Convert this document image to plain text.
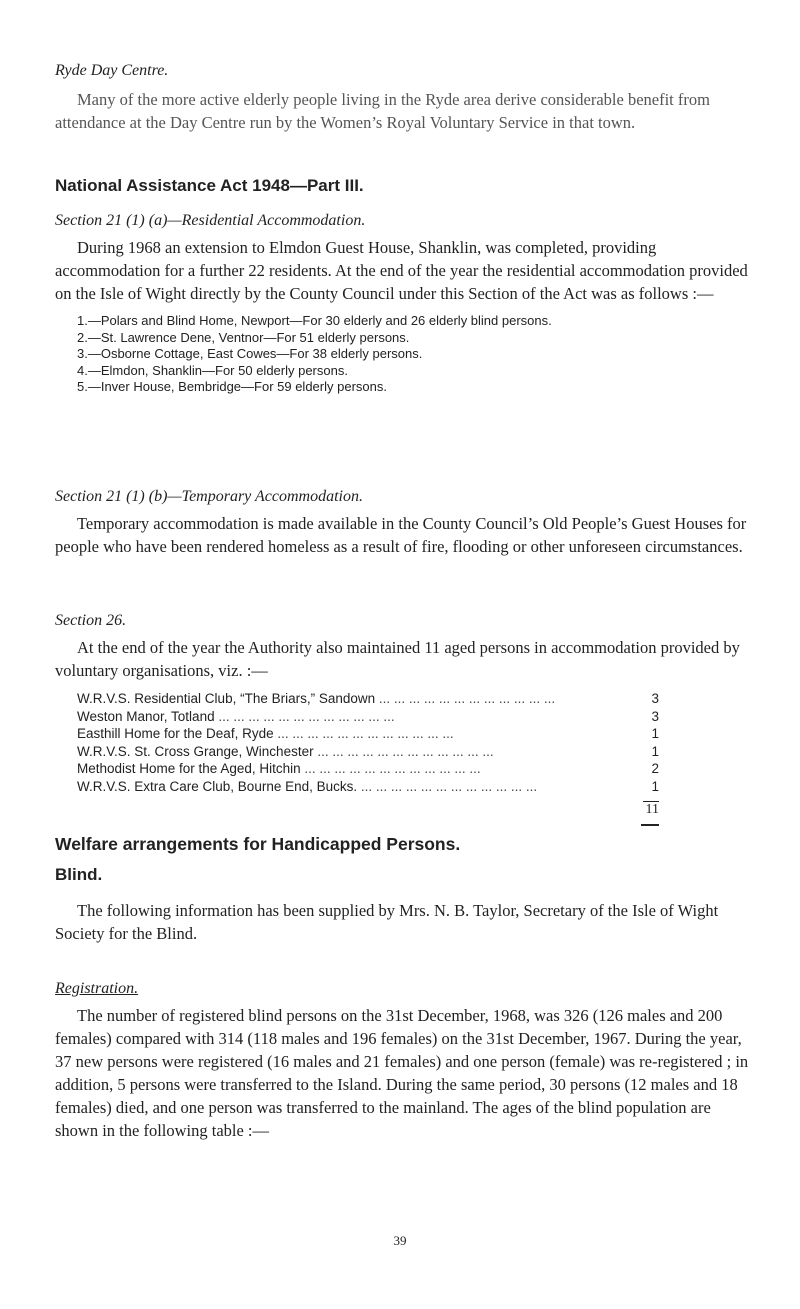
Ryde Day Centre.

Many of the more active elderly people living in the Ryde area derive considerable benefit from attendance at the Day Centre run by the Women’s Royal Voluntary Service in that town.

National Assistance Act 1948—Part III.
Section 21 (1) (a)—Residential Accommodation.

During 1968 an extension to Elmdon Guest House, Shanklin, was completed, providing accommodation for a further 22 residents. At the end of the year the residential accommodation provided on the Isle of Wight directly by the County Council under this Section of the Act was as follows :—

1.—Polars and Blind Home, Newport—For 30 elderly and 26 elderly blind persons.
2.—St. Lawrence Dene, Ventnor—For 51 elderly persons.
3.—Osborne Cottage, East Cowes—For 38 elderly persons.
4.—Elmdon, Shanklin—For 50 elderly persons.
5.—Inver House, Bembridge—For 59 elderly persons.
Section 21 (1) (b)—Temporary Accommodation.

Temporary accommodation is made available in the County Council’s Old People’s Guest Houses for people who have been rendered homeless as a result of fire, flooding or other unforeseen circumstances.

Section 26.

At the end of the year the Authority also maintained 11 aged persons in accommodation provided by voluntary organisations, viz. :—

W.R.V.S. Residential Club, “The Briars,” Sandown ... .	3
Weston Manor, Totland ... .	3
Easthill Home for the Deaf, Ryde ... .	1
W.R.V.S. St. Cross Grange, Winchester ... .	1
Methodist Home for the Aged, Hitchin ... .	2
W.R.V.S. Extra Care Club, Bourne End, Bucks. ... .	1
11
Welfare arrangements for Handicapped Persons.
Blind.

The following information has been supplied by Mrs. N. B. Taylor, Secretary of the Isle of Wight Society for the Blind.

Registration.

The number of registered blind persons on the 31st December, 1968, was 326 (126 males and 200 females) compared with 314 (118 males and 196 females) on the 31st December, 1967. During the year, 37 new persons were registered (16 males and 21 females) and one person (female) was re-registered ; in addition, 5 persons were transferred to the Island. During the same period, 30 persons (12 males and 18 females) died, and one person was transferred to the mainland. The ages of the blind population are shown in the following table :—

39
